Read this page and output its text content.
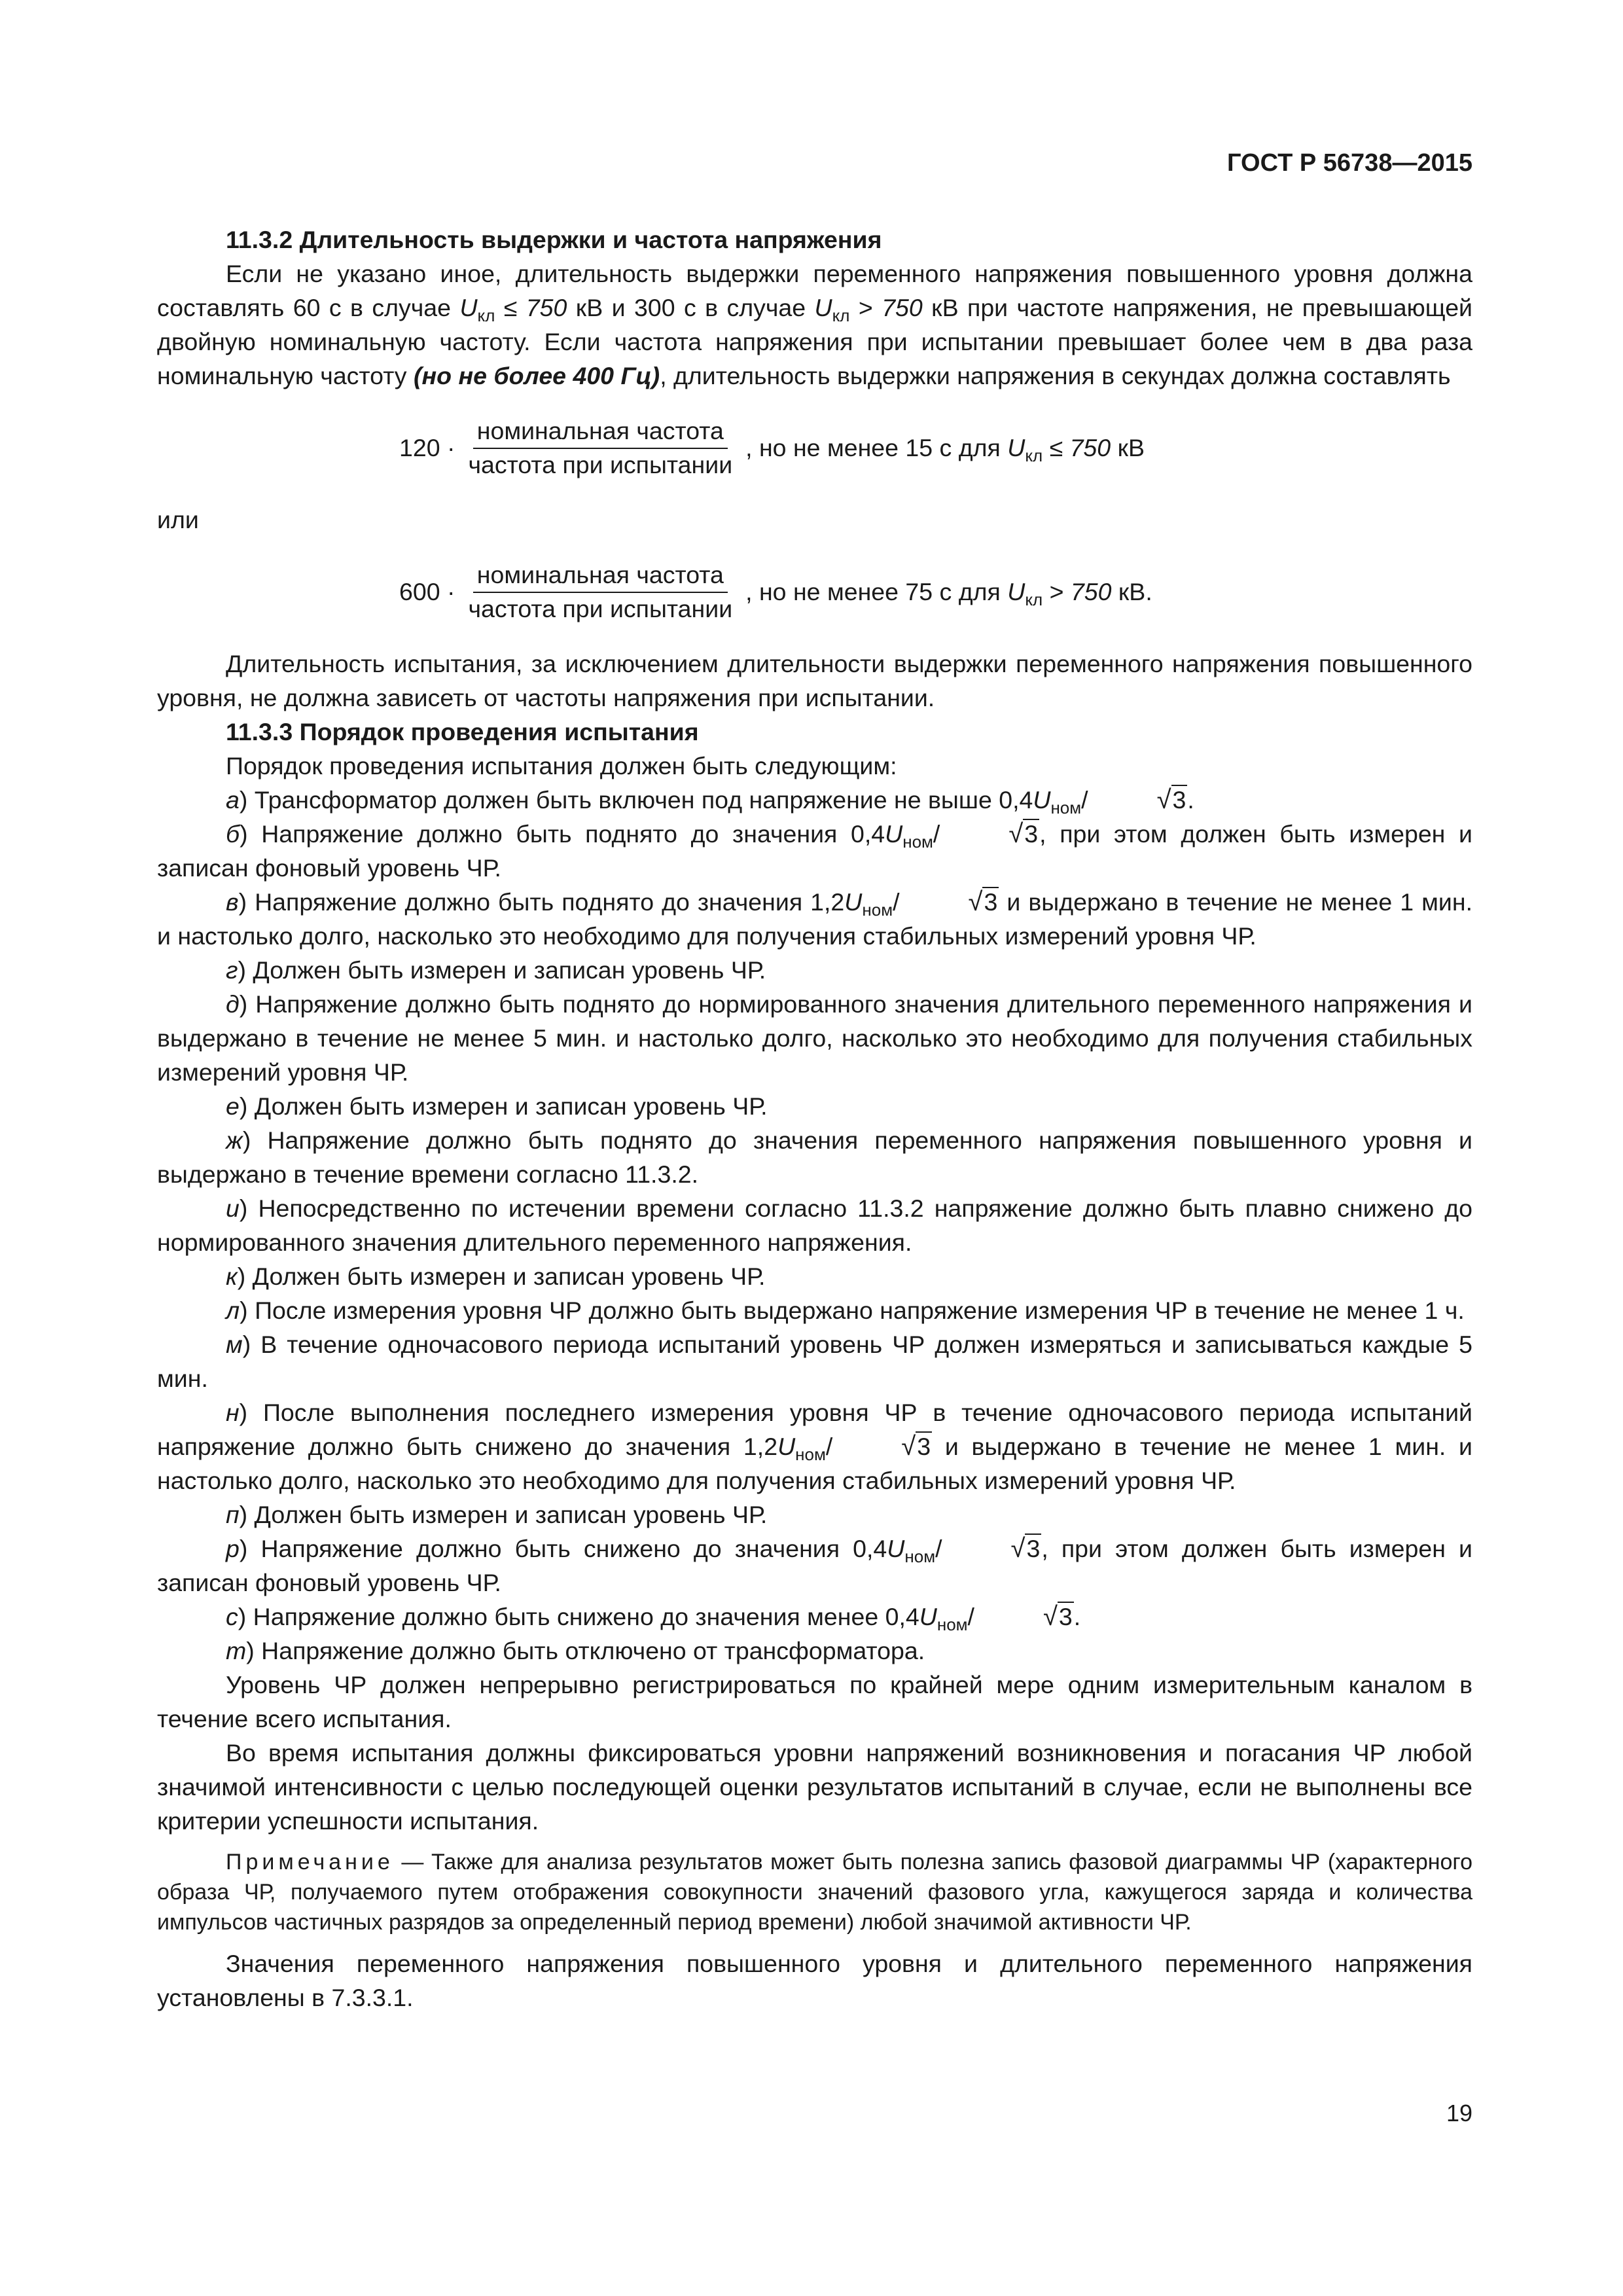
ГОСТ Р 56738—2015
11.3.2 Длительность выдержки и частота напряжения

Если не указано иное, длительность выдержки переменного напряжения повышенного уровня должна составлять 60 с в случае $U_{кл} \le 750$ кВ и 300 с в случае $U_{кл} > 750$ кВ при частоте напряжения, не превышающей двойную номинальную частоту. Если частота напряжения при испытании превышает более чем в два раза номинальную частоту (но не более 400 Гц), длительность выдержки напряжения в секундах должна составлять

$120 \cdot \frac{\text{номинальная частота}}{\text{частота при испытании}}$ , но не менее 15 с для $U_{кл} \le 750$ кВ

или

$600 \cdot \frac{\text{номинальная частота}}{\text{частота при испытании}}$ , но не менее 75 с для $U_{кл} > 750$ кВ.

Длительность испытания, за исключением длительности выдержки переменного напряжения повышенного уровня, не должна зависеть от частоты напряжения при испытании.

11.3.3 Порядок проведения испытания

Порядок проведения испытания должен быть следующим:

а) Трансформатор должен быть включен под напряжение не выше $0,4U_{ном}/$	√3.

б) Напряжение должно быть поднято до значения $0,4U_{ном}/$	√3, при этом должен быть измерен и записан фоновый уровень ЧР.

в) Напряжение должно быть поднято до значения $1,2U_{ном}/$	√3 и выдержано в течение не менее 1 мин. и настолько долго, насколько это необходимо для получения стабильных измерений уровня ЧР.

г) Должен быть измерен и записан уровень ЧР.

д) Напряжение должно быть поднято до нормированного значения длительного переменного напряжения и выдержано в течение не менее 5 мин. и настолько долго, насколько это необходимо для получения стабильных измерений уровня ЧР.

е) Должен быть измерен и записан уровень ЧР.

ж) Напряжение должно быть поднято до значения переменного напряжения повышенного уровня и выдержано в течение времени согласно 11.3.2.

и) Непосредственно по истечении времени согласно 11.3.2 напряжение должно быть плавно снижено до нормированного значения длительного переменного напряжения.

к) Должен быть измерен и записан уровень ЧР.

л) После измерения уровня ЧР должно быть выдержано напряжение измерения ЧР в течение не менее 1 ч.

м) В течение одночасового периода испытаний уровень ЧР должен измеряться и записываться каждые 5 мин.

н) После выполнения последнего измерения уровня ЧР в течение одночасового периода испытаний напряжение должно быть снижено до значения $1,2U_{ном}/$	√3 и выдержано в течение не менее 1 мин. и настолько долго, насколько это необходимо для получения стабильных измерений уровня ЧР.

п) Должен быть измерен и записан уровень ЧР.

р) Напряжение должно быть снижено до значения $0,4U_{ном}/$	√3, при этом должен быть измерен и записан фоновый уровень ЧР.

с) Напряжение должно быть снижено до значения менее $0,4U_{ном}/$	√3.

т) Напряжение должно быть отключено от трансформатора.

Уровень ЧР должен непрерывно регистрироваться по крайней мере одним измерительным каналом в течение всего испытания.

Во время испытания должны фиксироваться уровни напряжений возникновения и погасания ЧР любой значимой интенсивности с целью последующей оценки результатов испытаний в случае, если не выполнены все критерии успешности испытания.

Примечание — Также для анализа результатов может быть полезна запись фазовой диаграммы ЧР (характерного образа ЧР, получаемого путем отображения совокупности значений фазового угла, кажущегося заряда и количества импульсов частичных разрядов за определенный период времени) любой значимой активности ЧР.

Значения переменного напряжения повышенного уровня и длительного переменного напряжения установлены в 7.3.3.1.

19
